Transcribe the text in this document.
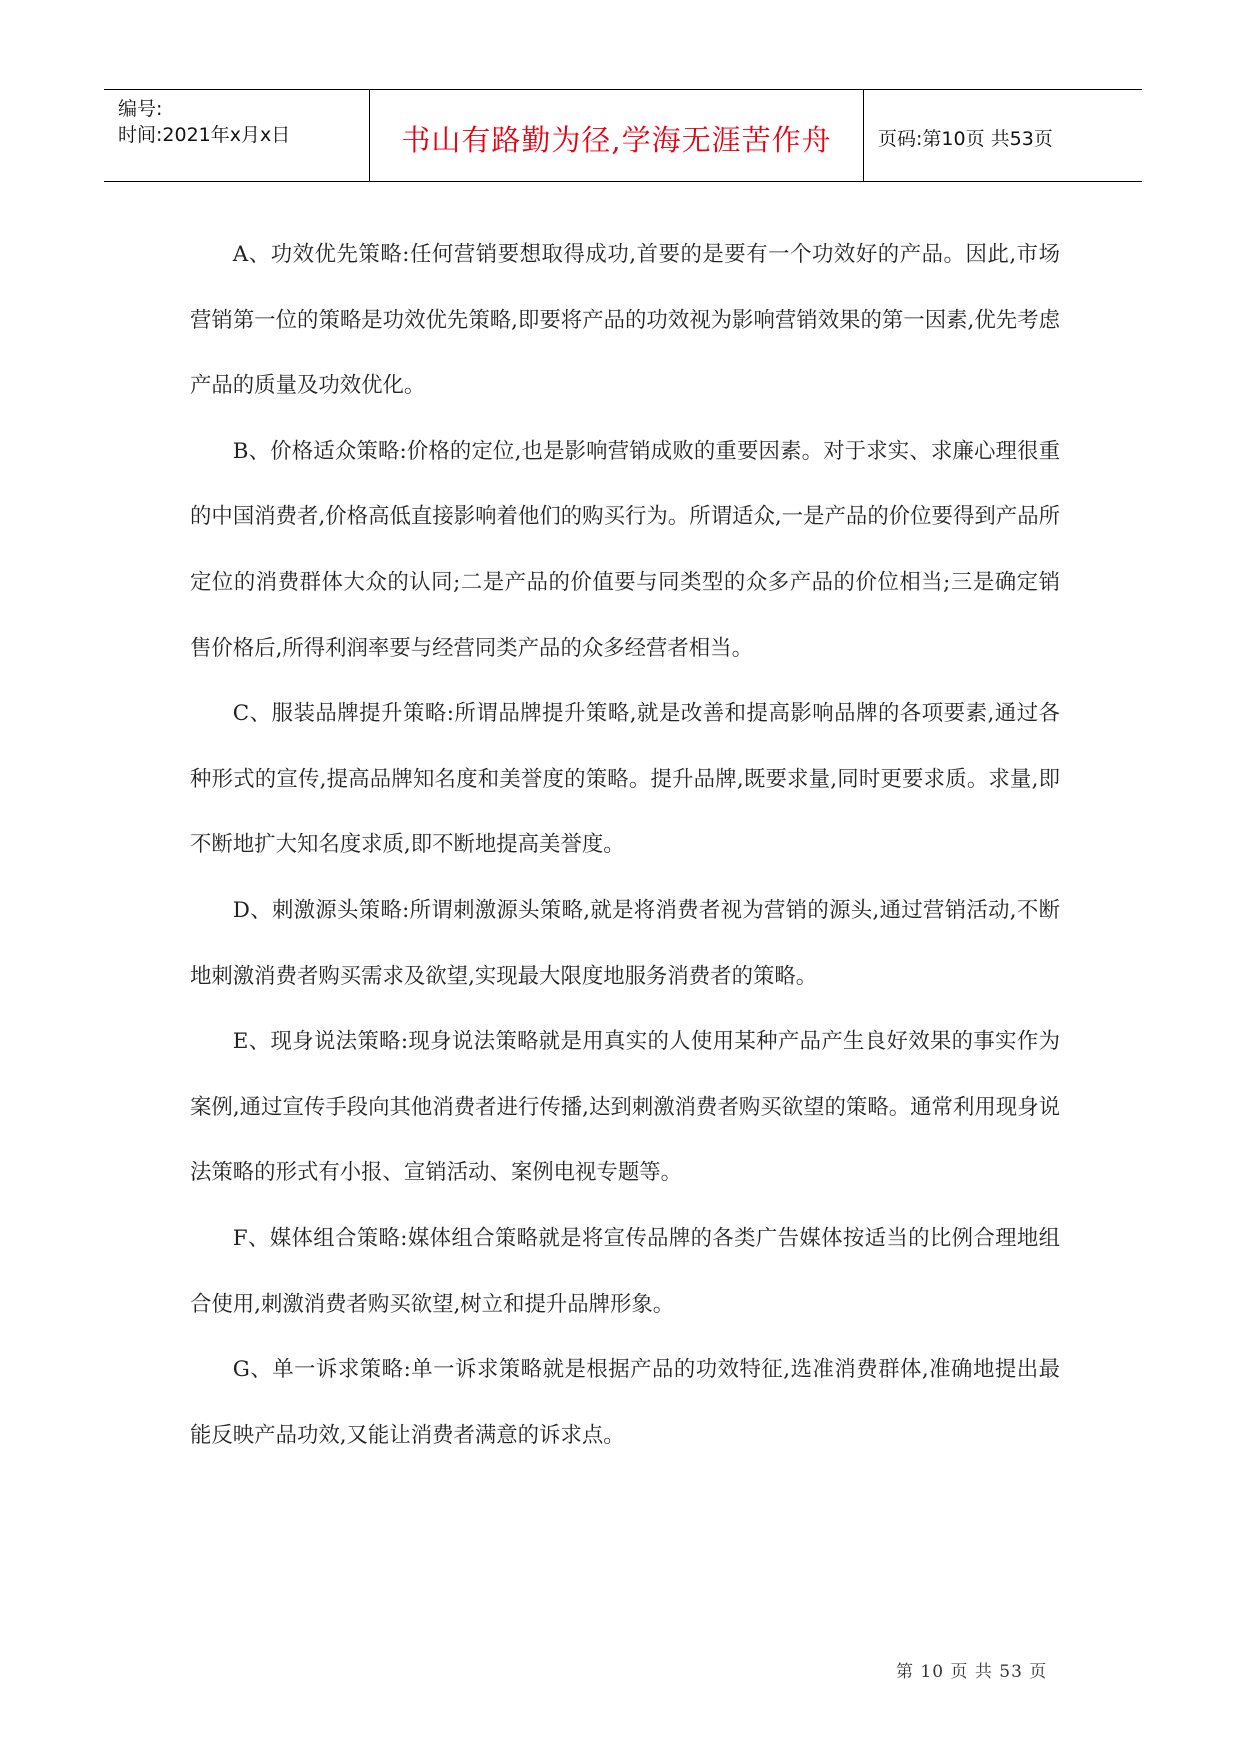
编号:
时间:2021年x月x日	书山有路勤为径,学海无涯苦作舟	页码:第10页 共53页

A、功效优先策略:任何营销要想取得成功,首要的是要有一个功效好的产品。因此,市场营销第一位的策略是功效优先策略,即要将产品的功效视为影响营销效果的第一因素,优先考虑产品的质量及功效优化。

B、价格适众策略:价格的定位,也是影响营销成败的重要因素。对于求实、求廉心理很重的中国消费者,价格高低直接影响着他们的购买行为。所谓适众,一是产品的价位要得到产品所定位的消费群体大众的认同;二是产品的价值要与同类型的众多产品的价位相当;三是确定销售价格后,所得利润率要与经营同类产品的众多经营者相当。

C、服装品牌提升策略:所谓品牌提升策略,就是改善和提高影响品牌的各项要素,通过各种形式的宣传,提高品牌知名度和美誉度的策略。提升品牌,既要求量,同时更要求质。求量,即不断地扩大知名度求质,即不断地提高美誉度。

D、刺激源头策略:所谓刺激源头策略,就是将消费者视为营销的源头,通过营销活动,不断地刺激消费者购买需求及欲望,实现最大限度地服务消费者的策略。

E、现身说法策略:现身说法策略就是用真实的人使用某种产品产生良好效果的事实作为案例,通过宣传手段向其他消费者进行传播,达到刺激消费者购买欲望的策略。通常利用现身说法策略的形式有小报、宣销活动、案例电视专题等。

F、媒体组合策略:媒体组合策略就是将宣传品牌的各类广告媒体按适当的比例合理地组合使用,刺激消费者购买欲望,树立和提升品牌形象。

G、单一诉求策略:单一诉求策略就是根据产品的功效特征,选准消费群体,准确地提出最能反映产品功效,又能让消费者满意的诉求点。

第 10 页 共 53 页
